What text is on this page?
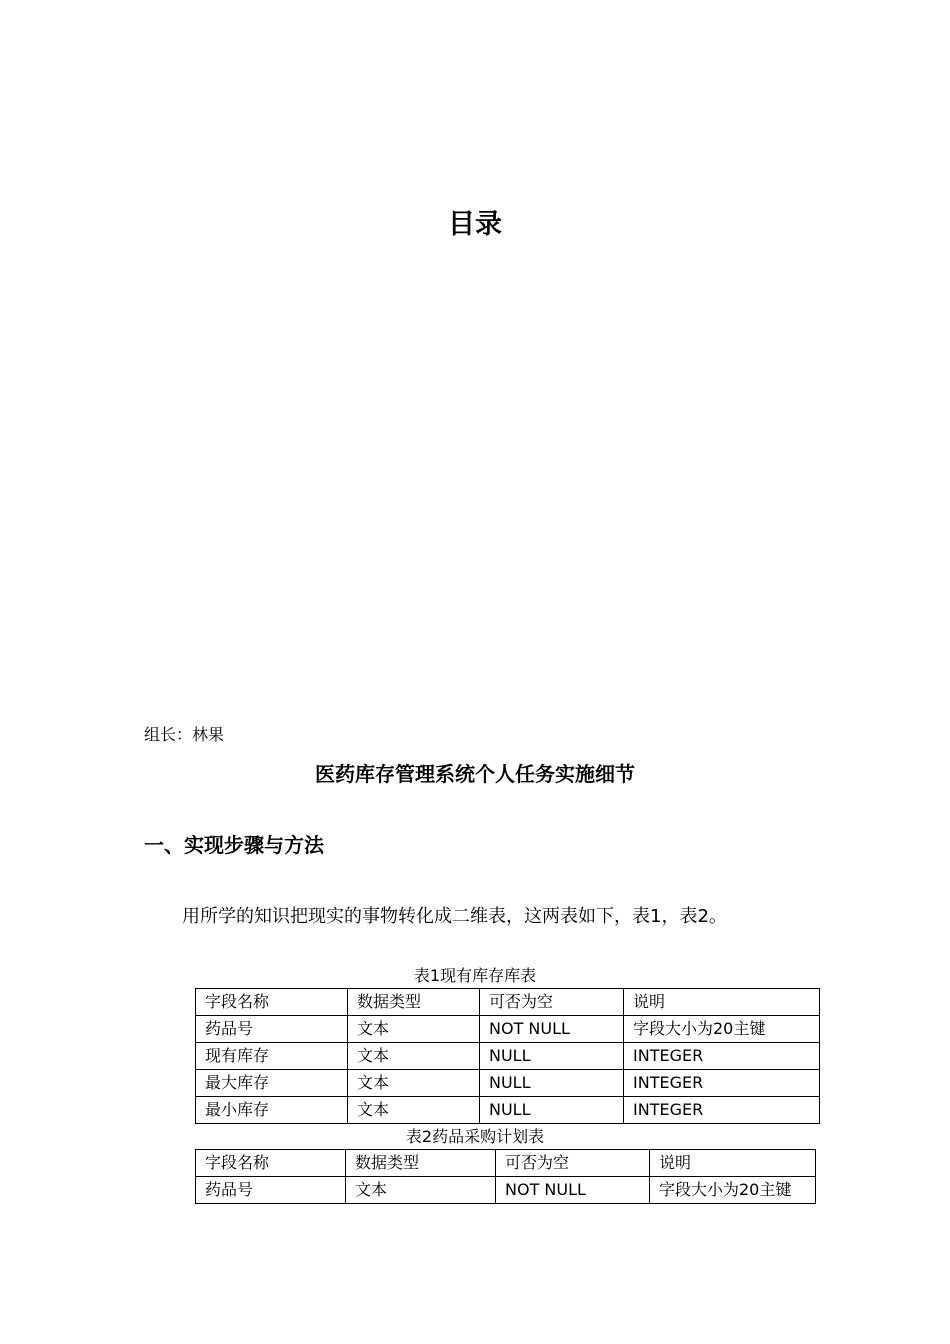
目录
组长：林果
医药库存管理系统个人任务实施细节
一、实现步骤与方法
用所学的知识把现实的事物转化成二维表，这两表如下，表1，表2。
表1现有库存库表
字段名称	数据类型	可否为空	说明
药品号	文本	NOT NULL	字段大小为20主键
现有库存	文本	NULL	INTEGER
最大库存	文本	NULL	INTEGER
最小库存	文本	NULL	INTEGER
表2药品采购计划表
字段名称	数据类型	可否为空	说明
药品号	文本	NOT NULL	字段大小为20主键
